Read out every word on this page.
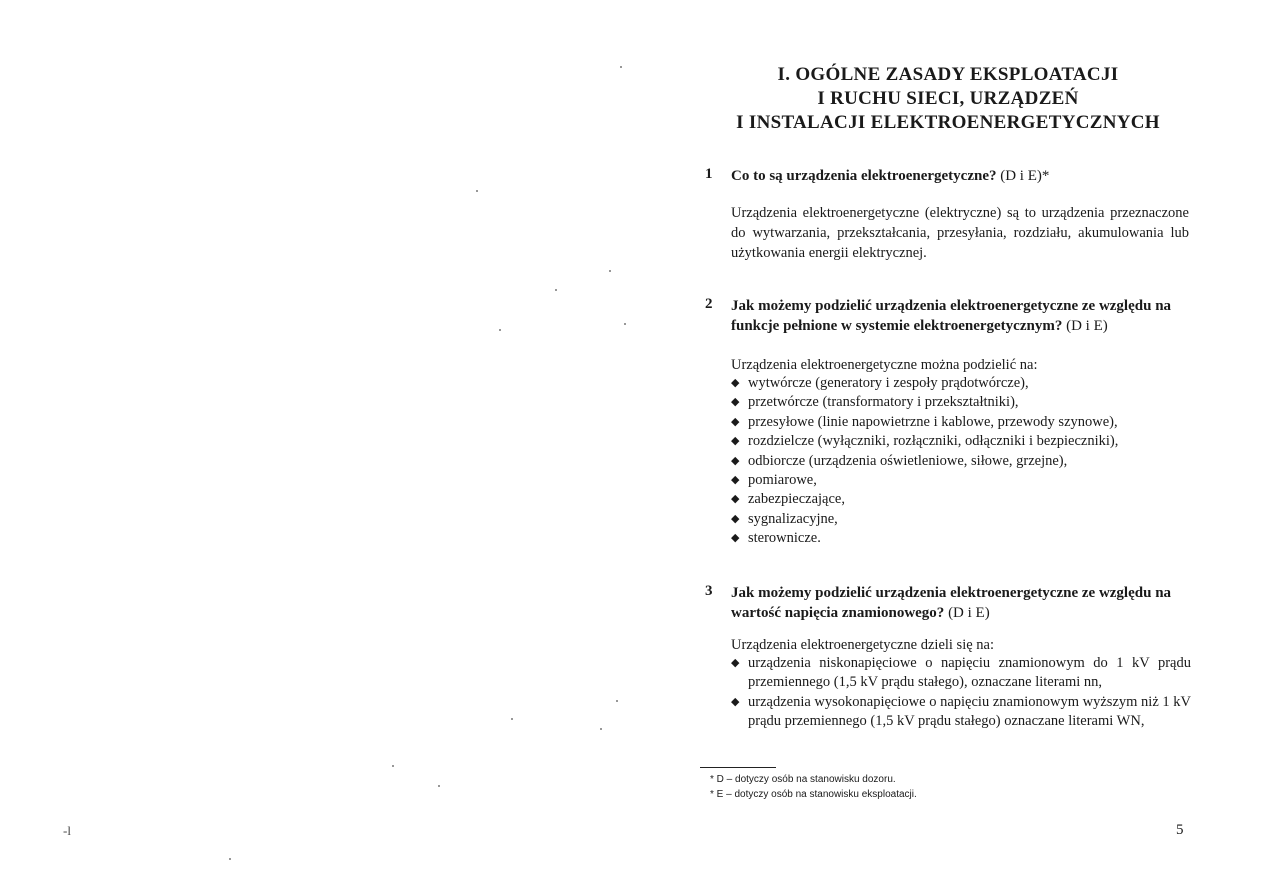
I. OGÓLNE ZASADY EKSPLOATACJI
I RUCHU SIECI, URZĄDZEŃ
I INSTALACJI ELEKTROENERGETYCZNYCH
1 Co to są urządzenia elektroenergetyczne? (D i E)*
Urządzenia elektroenergetyczne (elektryczne) są to urządzenia przeznaczone do wytwarzania, przekształcania, przesyłania, rozdziału, akumulowania lub użytkowania energii elektrycznej.
2 Jak możemy podzielić urządzenia elektroenergetyczne ze względu na funkcje pełnione w systemie elektroenergetycznym? (D i E)
Urządzenia elektroenergetyczne można podzielić na:
◆ wytwórcze (generatory i zespoły prądotwórcze),
◆ przetwórcze (transformatory i przekształtniki),
◆ przesyłowe (linie napowietrzne i kablowe, przewody szynowe),
◆ rozdzielcze (wyłączniki, rozłączniki, odłączniki i bezpieczniki),
◆ odbiorcze (urządzenia oświetleniowe, siłowe, grzejne),
◆ pomiarowe,
◆ zabezpieczające,
◆ sygnalizacyjne,
◆ sterownicze.
3 Jak możemy podzielić urządzenia elektroenergetyczne ze względu na wartość napięcia znamionowego? (D i E)
Urządzenia elektroenergetyczne dzieli się na:
◆ urządzenia niskonapięciowe o napięciu znamionowym do 1 kV prądu przemiennego (1,5 kV prądu stałego), oznaczane literami nn,
◆ urządzenia wysokonapięciowe o napięciu znamionowym wyższym niż 1 kV prądu przemiennego (1,5 kV prądu stałego) oznaczane literami WN,
* D – dotyczy osób na stanowisku dozoru.
* E – dotyczy osób na stanowisku eksploatacji.
5
-l
